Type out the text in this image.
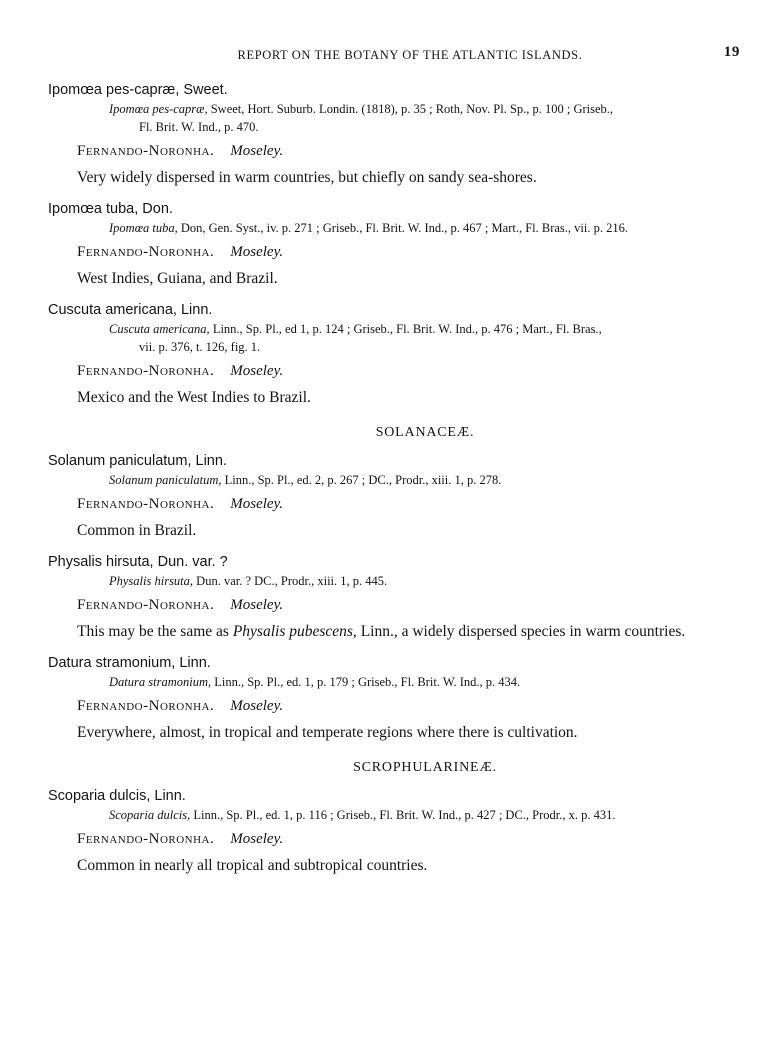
REPORT ON THE BOTANY OF THE ATLANTIC ISLANDS.	19
Ipomœa pes-capræ, Sweet.
Ipomœa pes-capræ, Sweet, Hort. Suburb. Londin. (1818), p. 35 ; Roth, Nov. Pl. Sp., p. 100 ; Griseb.,
Fl. Brit. W. Ind., p. 470.
Fernando-Noronha. Moseley.
Very widely dispersed in warm countries, but chiefly on sandy sea-shores.
Ipomœa tuba, Don.
Ipomœa tuba, Don, Gen. Syst., iv. p. 271 ; Griseb., Fl. Brit. W. Ind., p. 467 ; Mart., Fl. Bras., vii. p. 216.
Fernando-Noronha. Moseley.
West Indies, Guiana, and Brazil.
Cuscuta americana, Linn.
Cuscuta americana, Linn., Sp. Pl., ed 1, p. 124 ; Griseb., Fl. Brit. W. Ind., p. 476 ; Mart., Fl. Bras.,
vii. p. 376, t. 126, fig. 1.
Fernando-Noronha. Moseley.
Mexico and the West Indies to Brazil.
SOLANACEÆ.
Solanum paniculatum, Linn.
Solanum paniculatum, Linn., Sp. Pl., ed. 2, p. 267 ; DC., Prodr., xiii. 1, p. 278.
Fernando-Noronha. Moseley.
Common in Brazil.
Physalis hirsuta, Dun. var. ?
Physalis hirsuta, Dun. var. ? DC., Prodr., xiii. 1, p. 445.
Fernando-Noronha. Moseley.
This may be the same as Physalis pubescens, Linn., a widely dispersed species in warm countries.
Datura stramonium, Linn.
Datura stramonium, Linn., Sp. Pl., ed. 1, p. 179 ; Griseb., Fl. Brit. W. Ind., p. 434.
Fernando-Noronha. Moseley.
Everywhere, almost, in tropical and temperate regions where there is cultivation.
SCROPHULARINEÆ.
Scoparia dulcis, Linn.
Scoparia dulcis, Linn., Sp. Pl., ed. 1, p. 116 ; Griseb., Fl. Brit. W. Ind., p. 427 ; DC., Prodr., x. p. 431.
Fernando-Noronha. Moseley.
Common in nearly all tropical and subtropical countries.
